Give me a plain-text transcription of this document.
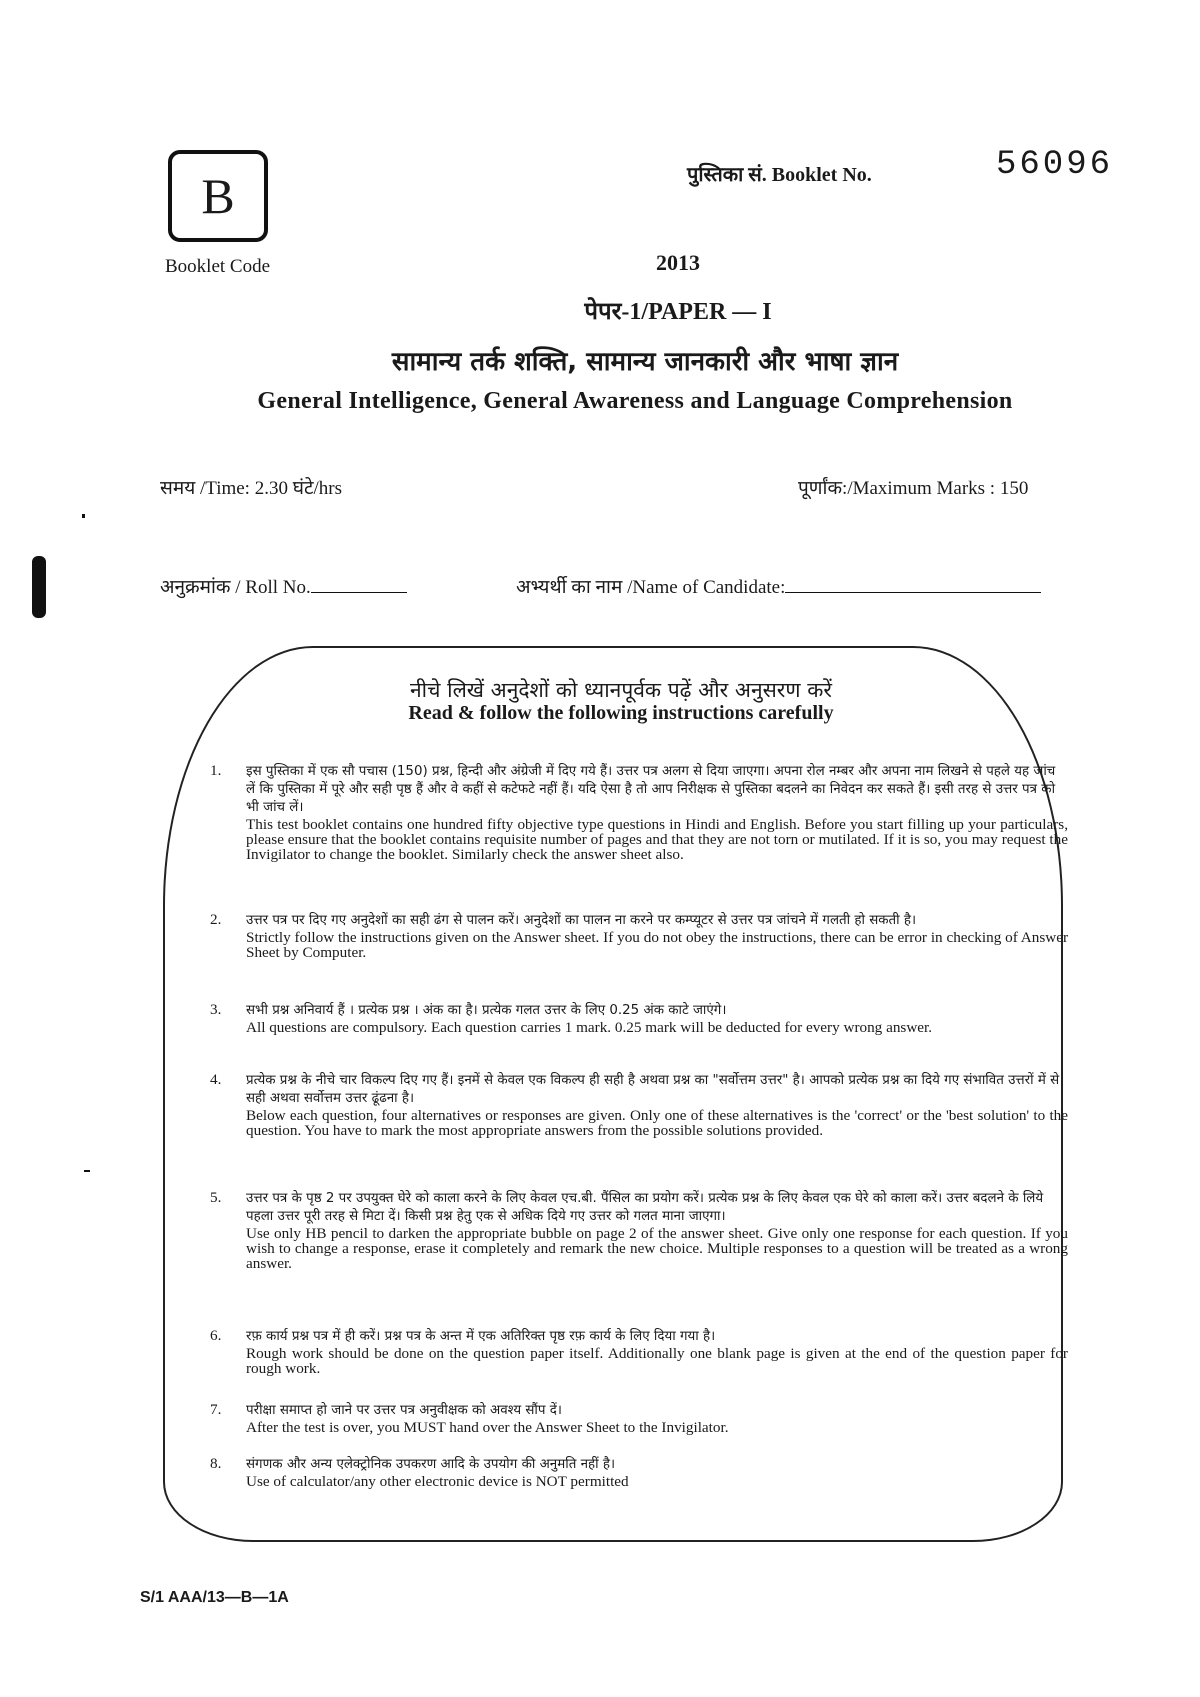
B
Booklet Code
पुस्तिका सं. Booklet No.	56096
2013
पेपर-1/PAPER — I
सामान्य तर्क शक्ति, सामान्य जानकारी और भाषा ज्ञान
General Intelligence, General Awareness and Language Comprehension
समय /Time: 2.30 घंटे/hrs	पूर्णांक:/Maximum Marks : 150
अनुक्रमांक / Roll No.	अभ्यर्थी का नाम /Name of Candidate:
नीचे लिखें अनुदेशों को ध्यानपूर्वक पढ़ें और अनुसरण करें
Read & follow the following instructions carefully
1.	इस पुस्तिका में एक सौ पचास (150) प्रश्न, हिन्दी और अंग्रेजी में दिए गये हैं। उत्तर पत्र अलग से दिया जाएगा। अपना रोल नम्बर और अपना नाम लिखने से पहले यह जांच लें कि पुस्तिका में पूरे और सही पृष्ठ हैं और वे कहीं से कटेफटे नहीं हैं। यदि ऐसा है तो आप निरीक्षक से पुस्तिका बदलने का निवेदन कर सकते हैं। इसी तरह से उत्तर पत्र को भी जांच लें।
This test booklet contains one hundred fifty objective type questions in Hindi and English. Before you start filling up your particulars, please ensure that the booklet contains requisite number of pages and that they are not torn or mutilated. If it is so, you may request the Invigilator to change the booklet. Similarly check the answer sheet also.
2.	उत्तर पत्र पर दिए गए अनुदेशों का सही ढंग से पालन करें। अनुदेशों का पालन ना करने पर कम्प्यूटर से उत्तर पत्र जांचने में गलती हो सकती है।
Strictly follow the instructions given on the Answer sheet. If you do not obey the instructions, there can be error in checking of Answer Sheet by Computer.
3.	सभी प्रश्न अनिवार्य हैं । प्रत्येक प्रश्न । अंक का है। प्रत्येक गलत उत्तर के लिए 0.25 अंक काटे जाएंगे।
All questions are compulsory. Each question carries 1 mark. 0.25 mark will be deducted for every wrong answer.
4.	प्रत्येक प्रश्न के नीचे चार विकल्प दिए गए हैं। इनमें से केवल एक विकल्प ही सही है अथवा प्रश्न का "सर्वोत्तम उत्तर" है। आपको प्रत्येक प्रश्न का दिये गए संभावित उत्तरों में से सही अथवा सर्वोत्तम उत्तर ढूंढना है।
Below each question, four alternatives or responses are given. Only one of these alternatives is the 'correct' or the 'best solution' to the question. You have to mark the most appropriate answers from the possible solutions provided.
5.	उत्तर पत्र के पृष्ठ 2 पर उपयुक्त घेरे को काला करने के लिए केवल एच.बी. पैंसिल का प्रयोग करें। प्रत्येक प्रश्न के लिए केवल एक घेरे को काला करें। उत्तर बदलने के लिये पहला उत्तर पूरी तरह से मिटा दें। किसी प्रश्न हेतु एक से अधिक दिये गए उत्तर को गलत माना जाएगा।
Use only HB pencil to darken the appropriate bubble on page 2 of the answer sheet. Give only one response for each question. If you wish to change a response, erase it completely and remark the new choice. Multiple responses to a question will be treated as a wrong answer.
6.	रफ़ कार्य प्रश्न पत्र में ही करें। प्रश्न पत्र के अन्त में एक अतिरिक्त पृष्ठ रफ़ कार्य के लिए दिया गया है।
Rough work should be done on the question paper itself. Additionally one blank page is given at the end of the question paper for rough work.
7.	परीक्षा समाप्त हो जाने पर उत्तर पत्र अनुवीक्षक को अवश्य सौंप दें।
After the test is over, you MUST hand over the Answer Sheet to the Invigilator.
8.	संगणक और अन्य एलेक्ट्रोनिक उपकरण आदि के उपयोग की अनुमति नहीं है।
Use of calculator/any other electronic device is NOT permitted
S/1 AAA/13—B—1A
